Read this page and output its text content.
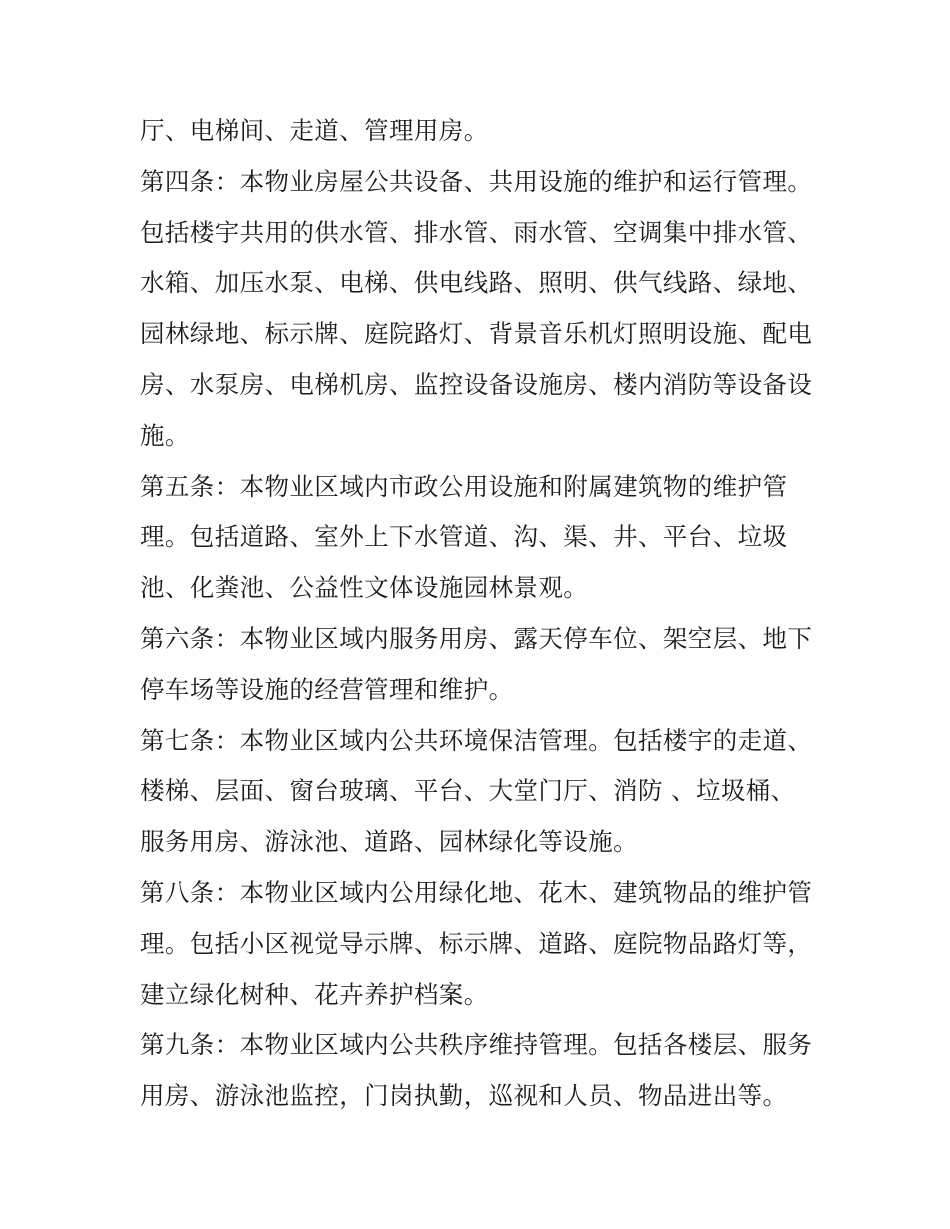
厅、电梯间、走道、管理用房。
第四条：本物业房屋公共设备、共用设施的维护和运行管理。
包括楼宇共用的供水管、排水管、雨水管、空调集中排水管、
水箱、加压水泵、电梯、供电线路、照明、供气线路、绿地、
园林绿地、标示牌、庭院路灯、背景音乐机灯照明设施、配电
房、水泵房、电梯机房、监控设备设施房、楼内消防等设备设
施。
第五条：本物业区域内市政公用设施和附属建筑物的维护管
理。包括道路、室外上下水管道、沟、渠、井、平台、垃圾
池、化粪池、公益性文体设施园林景观。
第六条：本物业区域内服务用房、露天停车位、架空层、地下
停车场等设施的经营管理和维护。
第七条：本物业区域内公共环境保洁管理。包括楼宇的走道、
楼梯、层面、窗台玻璃、平台、大堂门厅、消防 、垃圾桶、
服务用房、游泳池、道路、园林绿化等设施。
第八条：本物业区域内公用绿化地、花木、建筑物品的维护管
理。包括小区视觉导示牌、标示牌、道路、庭院物品路灯等，
建立绿化树种、花卉养护档案。
第九条：本物业区域内公共秩序维持管理。包括各楼层、服务
用房、游泳池监控，门岗执勤，巡视和人员、物品进出等。
